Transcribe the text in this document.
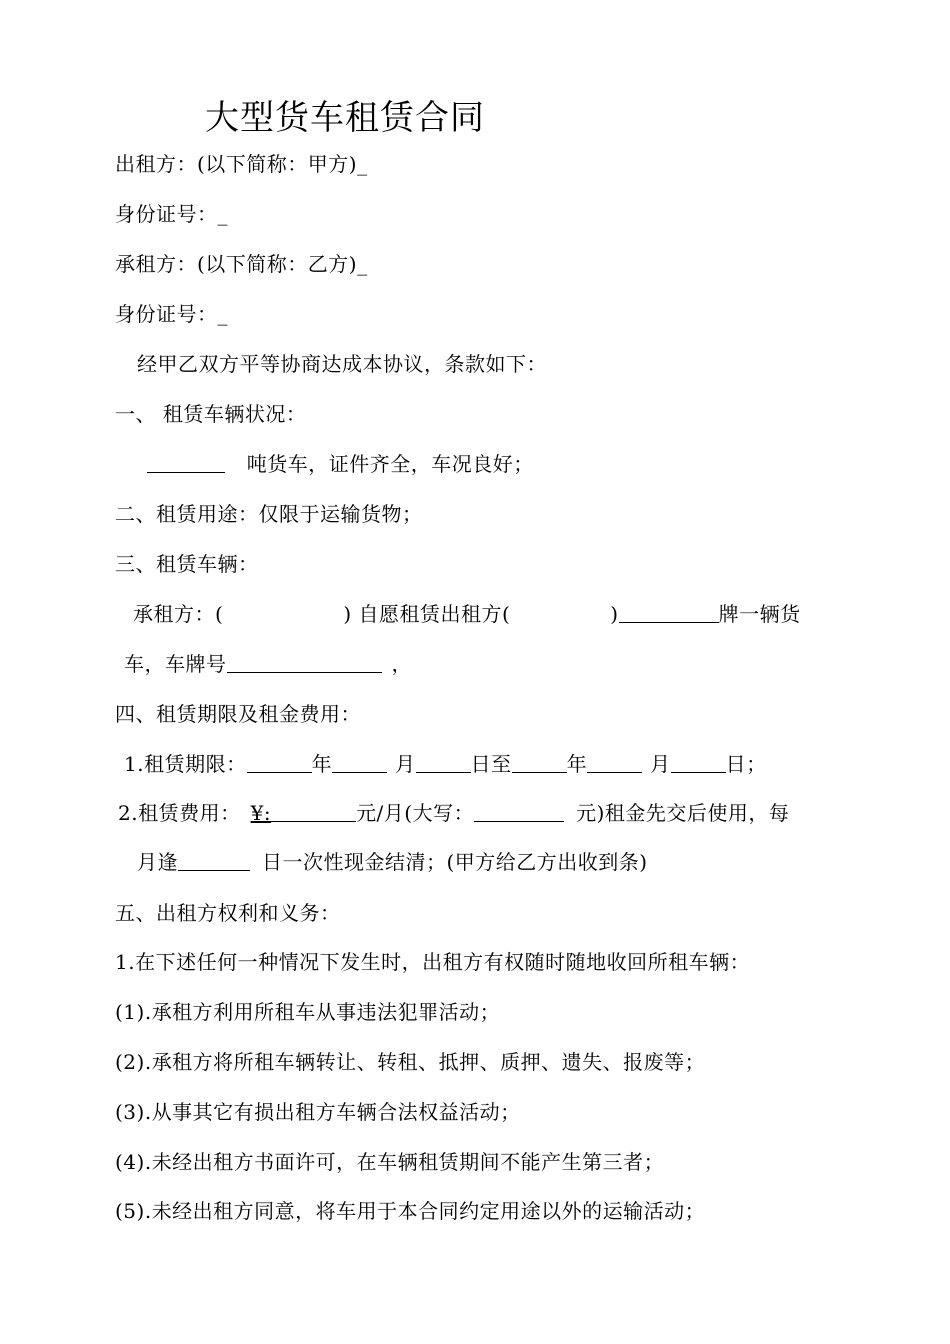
大型货车租赁合同
出租方：(以下简称：甲方)_
身份证号：_
承租方：(以下简称：乙方)_
身份证号：_
经甲乙双方平等协商达成本协议，条款如下：
一、 租赁车辆状况：
吨货车，证件齐全，车况良好；
二、租赁用途：仅限于运输货物；
三、租赁车辆：
承租方：(	) 自愿租赁出租方(	)	牌一辆货
车，车牌号	，
四、租赁期限及租金费用：
1.租赁期限：	年	月	日至	年	月	日；
2.租赁费用： ¥:	元/月(大写：	元)租金先交后使用，每
月逢	日一次性现金结清；(甲方给乙方出收到条)
五、出租方权利和义务：
1.在下述任何一种情况下发生时，出租方有权随时随地收回所租车辆：
(1).承租方利用所租车从事违法犯罪活动；
(2).承租方将所租车辆转让、转租、抵押、质押、遗失、报废等；
(3).从事其它有损出租方车辆合法权益活动；
(4).未经出租方书面许可，在车辆租赁期间不能产生第三者；
(5).未经出租方同意，将车用于本合同约定用途以外的运输活动；
